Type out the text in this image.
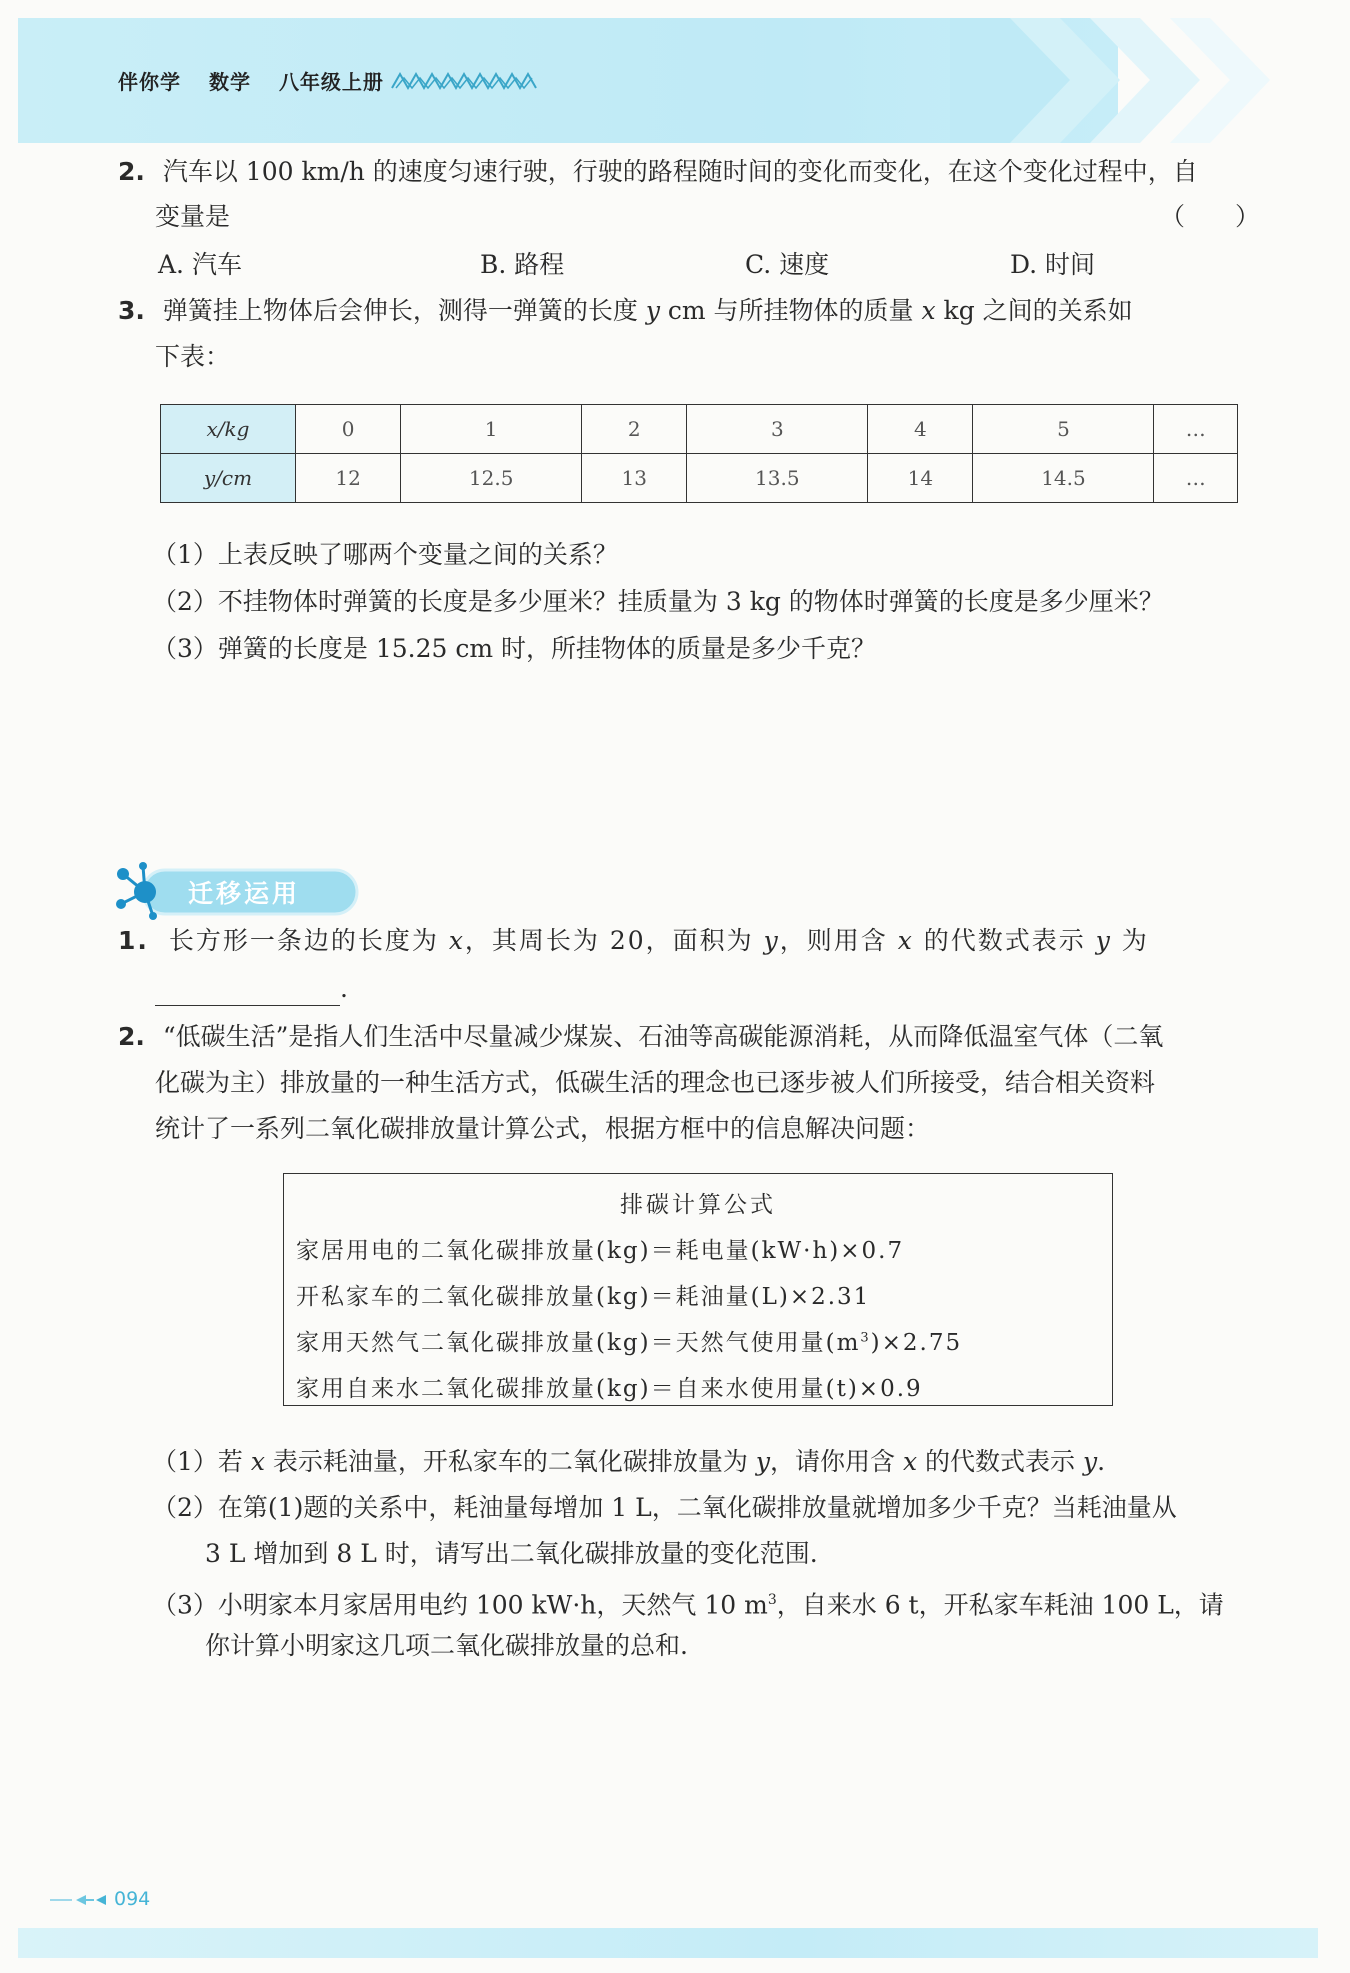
伴你学 数学 八年级上册
2. 汽车以 100 km/h 的速度匀速行驶，行驶的路程随时间的变化而变化，在这个变化过程中，自
变量是	（　　）
A. 汽车	B. 路程	C. 速度	D. 时间
3. 弹簧挂上物体后会伸长，测得一弹簧的长度 y cm 与所挂物体的质量 x kg 之间的关系如
下表：
x/kg	0	1	2	3	4	5	…
y/cm	12	12.5	13	13.5	14	14.5	…
（1）上表反映了哪两个变量之间的关系？
（2）不挂物体时弹簧的长度是多少厘米？挂质量为 3 kg 的物体时弹簧的长度是多少厘米？
（3）弹簧的长度是 15.25 cm 时，所挂物体的质量是多少千克？
迁移运用
1. 长方形一条边的长度为 x，其周长为 20，面积为 y，则用含 x 的代数式表示 y 为
.
2. “低碳生活”是指人们生活中尽量减少煤炭、石油等高碳能源消耗，从而降低温室气体（二氧
化碳为主）排放量的一种生活方式，低碳生活的理念也已逐步被人们所接受，结合相关资料
统计了一系列二氧化碳排放量计算公式，根据方框中的信息解决问题：
排碳计算公式
家居用电的二氧化碳排放量(kg)＝耗电量(kW·h)×0.7
开私家车的二氧化碳排放量(kg)＝耗油量(L)×2.31
家用天然气二氧化碳排放量(kg)＝天然气使用量$(m^3)\times 2.75$
家用自来水二氧化碳排放量(kg)＝自来水使用量(t)×0.9
（1）若 x 表示耗油量，开私家车的二氧化碳排放量为 y，请你用含 x 的代数式表示 y.
（2）在第(1)题的关系中，耗油量每增加 1 L，二氧化碳排放量就增加多少千克？当耗油量从
3 L 增加到 8 L 时，请写出二氧化碳排放量的变化范围.
（3）小明家本月家居用电约 100 kW·h，天然气 10 $m^3$，自来水 6 t，开私家车耗油 100 L，请
你计算小明家这几项二氧化碳排放量的总和.
094
